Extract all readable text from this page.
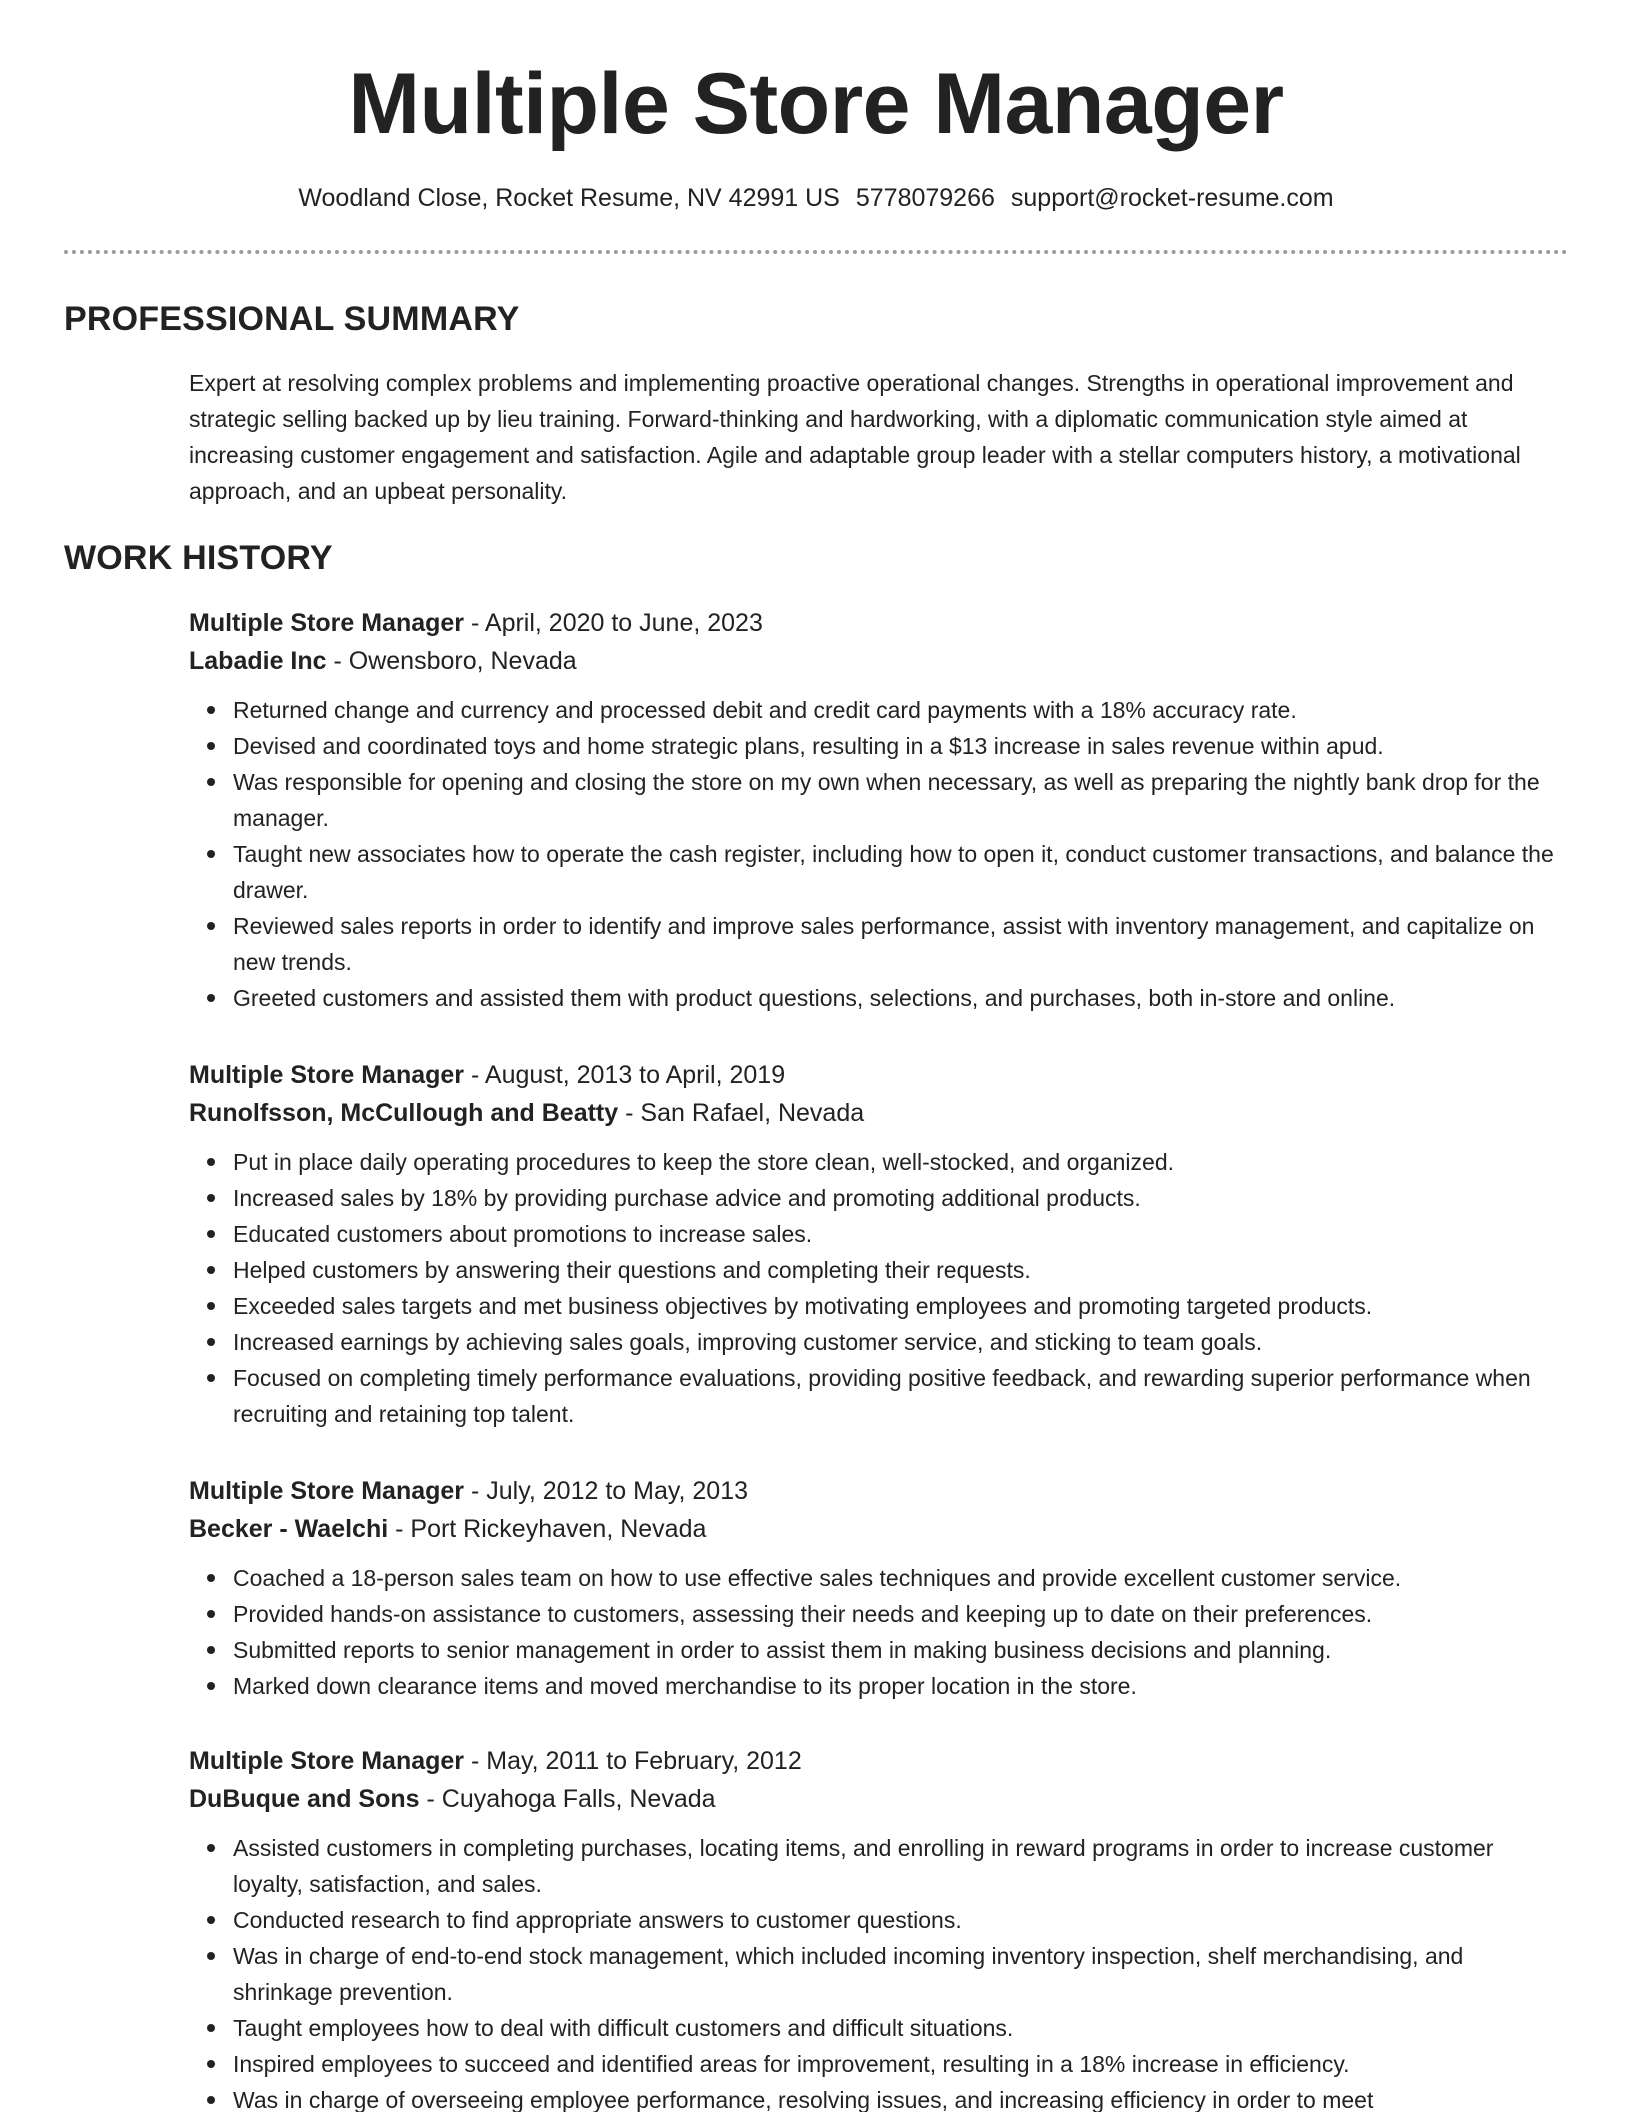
Multiple Store Manager
Woodland Close, Rocket Resume, NV 42991 US 5778079266 support@rocket-resume.com
PROFESSIONAL SUMMARY

Expert at resolving complex problems and implementing proactive operational changes. Strengths in operational improvement and strategic selling backed up by lieu training. Forward-thinking and hardworking, with a diplomatic communication style aimed at increasing customer engagement and satisfaction. Agile and adaptable group leader with a stellar computers history, a motivational approach, and an upbeat personality.

WORK HISTORY

Multiple Store Manager - April, 2020 to June, 2023

Labadie Inc - Owensboro, Nevada

Returned change and currency and processed debit and credit card payments with a 18% accuracy rate.
Devised and coordinated toys and home strategic plans, resulting in a $13 increase in sales revenue within apud.
Was responsible for opening and closing the store on my own when necessary, as well as preparing the nightly bank drop for the manager.
Taught new associates how to operate the cash register, including how to open it, conduct customer transactions, and balance the drawer.
Reviewed sales reports in order to identify and improve sales performance, assist with inventory management, and capitalize on new trends.
Greeted customers and assisted them with product questions, selections, and purchases, both in-store and online.

Multiple Store Manager - August, 2013 to April, 2019

Runolfsson, McCullough and Beatty - San Rafael, Nevada

Put in place daily operating procedures to keep the store clean, well-stocked, and organized.
Increased sales by 18% by providing purchase advice and promoting additional products.
Educated customers about promotions to increase sales.
Helped customers by answering their questions and completing their requests.
Exceeded sales targets and met business objectives by motivating employees and promoting targeted products.
Increased earnings by achieving sales goals, improving customer service, and sticking to team goals.
Focused on completing timely performance evaluations, providing positive feedback, and rewarding superior performance when recruiting and retaining top talent.

Multiple Store Manager - July, 2012 to May, 2013

Becker - Waelchi - Port Rickeyhaven, Nevada

Coached a 18-person sales team on how to use effective sales techniques and provide excellent customer service.
Provided hands-on assistance to customers, assessing their needs and keeping up to date on their preferences.
Submitted reports to senior management in order to assist them in making business decisions and planning.
Marked down clearance items and moved merchandise to its proper location in the store.

Multiple Store Manager - May, 2011 to February, 2012

DuBuque and Sons - Cuyahoga Falls, Nevada

Assisted customers in completing purchases, locating items, and enrolling in reward programs in order to increase customer loyalty, satisfaction, and sales.
Conducted research to find appropriate answers to customer questions.
Was in charge of end-to-end stock management, which included incoming inventory inspection, shelf merchandising, and shrinkage prevention.
Taught employees how to deal with difficult customers and difficult situations.
Inspired employees to succeed and identified areas for improvement, resulting in a 18% increase in efficiency.
Was in charge of overseeing employee performance, resolving issues, and increasing efficiency in order to meet
